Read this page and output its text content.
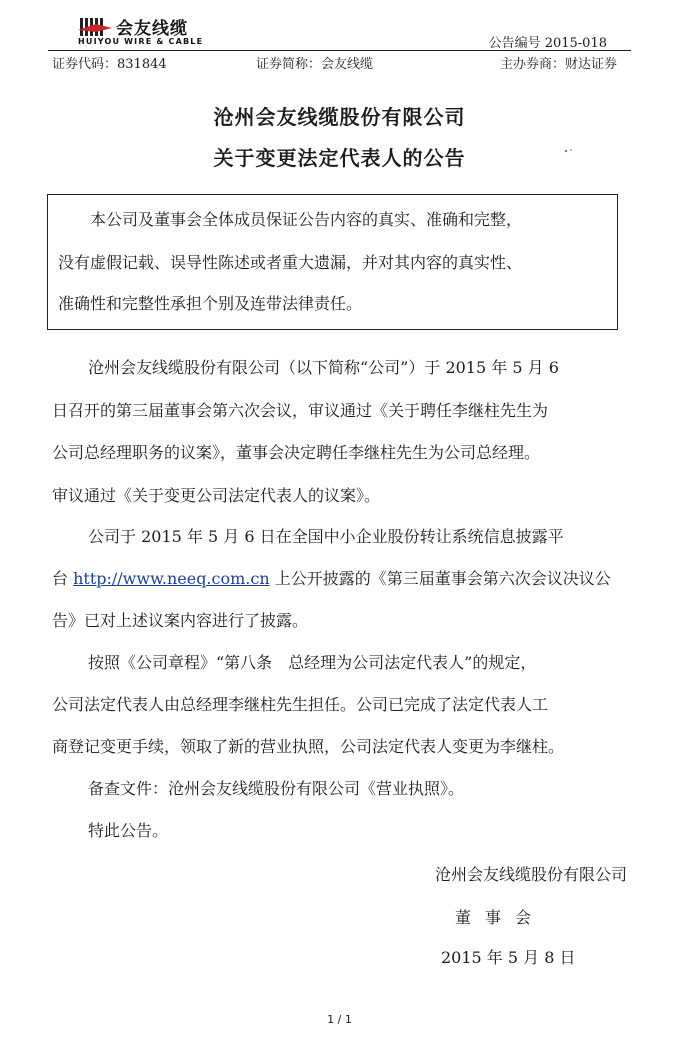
会友线缆
HUIYOU WIRE & CABLE	公告编号 2015-018
证券代码：831844	证券简称：会友线缆	主办券商：财达证券
沧州会友线缆股份有限公司
关于变更法定代表人的公告
本公司及董事会全体成员保证公告内容的真实、准确和完整，
没有虚假记载、误导性陈述或者重大遗漏，并对其内容的真实性、
准确性和完整性承担个别及连带法律责任。
沧州会友线缆股份有限公司（以下简称“公司”）于 2015 年 5 月 6
日召开的第三届董事会第六次会议，审议通过《关于聘任李继柱先生为
公司总经理职务的议案》，董事会决定聘任李继柱先生为公司总经理。
审议通过《关于变更公司法定代表人的议案》。
公司于 2015 年 5 月 6 日在全国中小企业股份转让系统信息披露平
台 http://www.neeq.com.cn 上公开披露的《第三届董事会第六次会议决议公
告》已对上述议案内容进行了披露。
按照《公司章程》“第八条　总经理为公司法定代表人”的规定，
公司法定代表人由总经理李继柱先生担任。公司已完成了法定代表人工
商登记变更手续，领取了新的营业执照，公司法定代表人变更为李继柱。
备查文件：沧州会友线缆股份有限公司《营业执照》。
特此公告。
沧州会友线缆股份有限公司
董事会
2015 年 5 月 8 日
1 / 1
